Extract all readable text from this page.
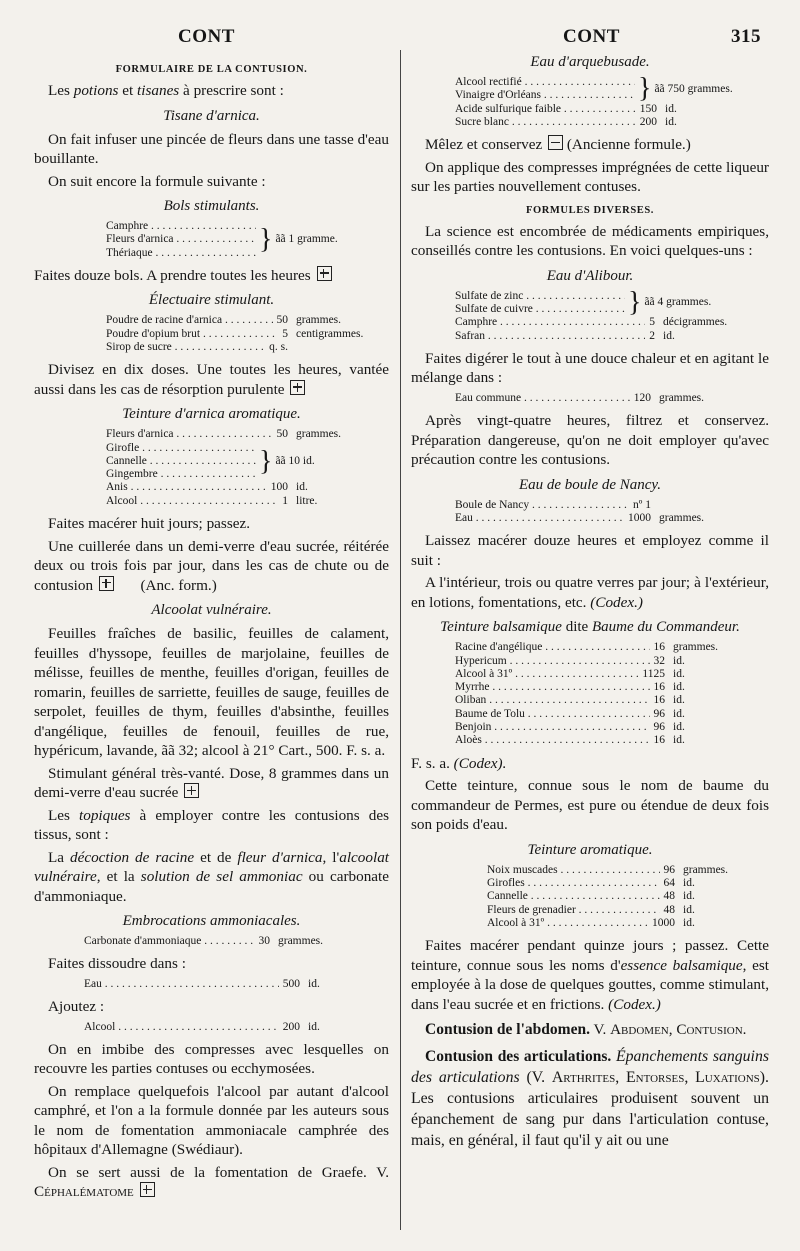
CONT	CONT	315
FORMULAIRE DE LA CONTUSION.

Les potions et tisanes à prescrire sont :

Tisane d'arnica.

On fait infuser une pincée de fleurs dans une tasse d'eau bouillante.

On suit encore la formule suivante :

Bols stimulants.
Camphre . . .
Fleurs d'arnica . . .
Thériaque . . .	} ãã 1 gramme.

Faites douze bols. A prendre toutes les heures

Électuaire stimulant.
Poudre de racine d'arnica . . .	50 grammes.
Poudre d'opium brut . . .	5 centigrammes.
Sirop de sucre . . .	q. s.

Divisez en dix doses. Une toutes les heures, vantée aussi dans les cas de résorption purulente

Teinture d'arnica aromatique.
Fleurs d'arnica . . .	50 grammes.
Girofle . . .
Cannelle . . .
Gingembre . . .	} ãã 10 id.
Anis . . .	100 id.
Alcool . . .	1 litre.

Faites macérer huit jours; passez.

Une cuillerée dans un demi-verre d'eau sucrée, réitérée deux ou trois fois par jour, dans les cas de chute ou de contusion	(Anc. form.)

Alcoolat vulnéraire.

Feuilles fraîches de basilic, feuilles de calament, feuilles d'hyssope, feuilles de marjolaine, feuilles de mélisse, feuilles de menthe, feuilles d'origan, feuilles de romarin, feuilles de sarriette, feuilles de sauge, feuilles de serpolet, feuilles de thym, feuilles d'absinthe, feuilles d'angélique, feuilles de fenouil, feuilles de rue, hypéricum, lavande, ãã 32; alcool à 21° Cart., 500. F. s. a.

Stimulant général très-vanté. Dose, 8 grammes dans un demi-verre d'eau sucrée

Les topiques à employer contre les contusions des tissus, sont :

La décoction de racine et de fleur d'arnica, l'alcoolat vulnéraire, et la solution de sel ammoniac ou carbonate d'ammoniaque.

Embrocations ammoniacales.
Carbonate d'ammoniaque . . .	30 grammes.

Faites dissoudre dans :

Eau . . .	500 id.

Ajoutez :

Alcool . . .	200 id.

On en imbibe des compresses avec lesquelles on recouvre les parties contuses ou ecchymosées.

On remplace quelquefois l'alcool par autant d'alcool camphré, et l'on a la formule donnée par les auteurs sous le nom de fomentation ammoniacale camphrée des hôpitaux d'Allemagne (Swédiaur).

On se sert aussi de la fomentation de Graefe. V. Céphalématome

Eau d'arquebusade.
Alcool rectifié . . .
Vinaigre d'Orléans . . .	} ãã 750 grammes.
Acide sulfurique faible . . .	150 id.
Sucre blanc . . .	200 id.

Mêlez et conservez (Ancienne formule.)

On applique des compresses imprégnées de cette liqueur sur les parties nouvellement contuses.

FORMULES DIVERSES.

La science est encombrée de médicaments empiriques, conseillés contre les contusions. En voici quelques-uns :

Eau d'Alibour.
Sulfate de zinc . . .
Sulfate de cuivre . . .	} ãã 4 grammes.
Camphre . . .	5 décigrammes.
Safran . . .	2 id.

Faites digérer le tout à une douce chaleur et en agitant le mélange dans :

Eau commune . . .	120 grammes.

Après vingt-quatre heures, filtrez et conservez. Préparation dangereuse, qu'on ne doit employer qu'avec précaution contre les contusions.

Eau de boule de Nancy.
Boule de Nancy . . .	nº 1
Eau . . .	1000 grammes.

Laissez macérer douze heures et employez comme il suit :

A l'intérieur, trois ou quatre verres par jour; à l'extérieur, en lotions, fomentations, etc. (Codex.)

Teinture balsamique dite Baume du Commandeur.
Racine d'angélique . . .	16 grammes.
Hypericum . . .	32 id.
Alcool à 31º . . .	1125 id.
Myrrhe . . .	16 id.
Oliban . . .	16 id.
Baume de Tolu . . .	96 id.
Benjoin . . .	96 id.
Aloès . . .	16 id.

F. s. a. (Codex).

Cette teinture, connue sous le nom de baume du commandeur de Permes, est pure ou étendue de deux fois son poids d'eau.

Teinture aromatique.
Noix muscades . . .	96 grammes.
Girofles . . .	64 id.
Cannelle . . .	48 id.
Fleurs de grenadier . . .	48 id.
Alcool à 31º . . .	1000 id.

Faites macérer pendant quinze jours ; passez. Cette teinture, connue sous les noms d'essence balsamique, est employée à la dose de quelques gouttes, comme stimulant, dans l'eau sucrée et en frictions. (Codex.)

Contusion de l'abdomen. V. Abdomen, Contusion.

Contusion des articulations. Épanchements sanguins des articulations (V. Arthrites, Entorses, Luxations). Les contusions articulaires produisent souvent un épanchement de sang pur dans l'articulation contuse, mais, en général, il faut qu'il y ait ou une
